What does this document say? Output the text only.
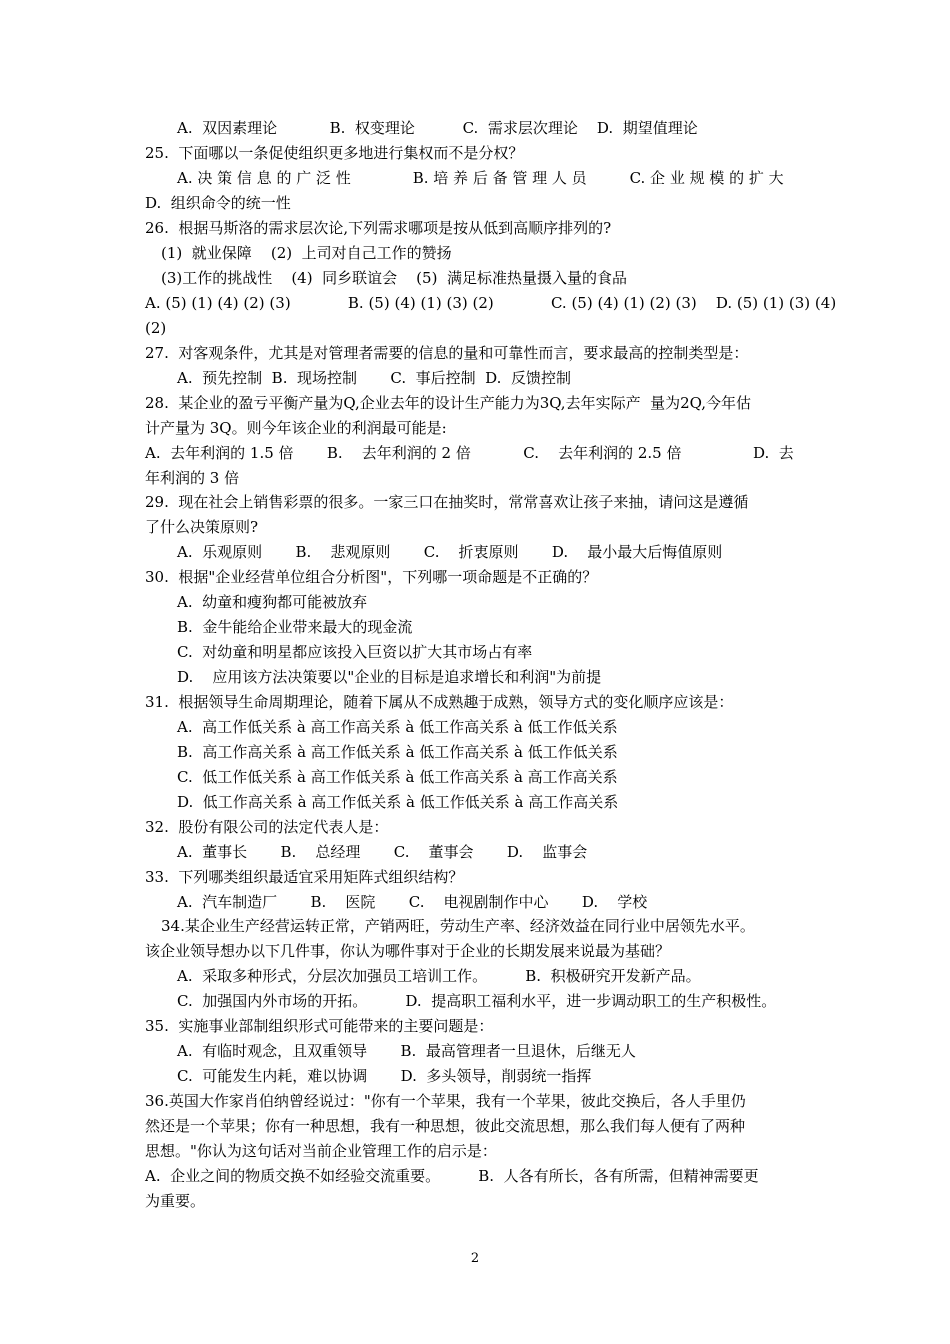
A.  双因素理论           B.  权变理论          C.  需求层次理论    D.  期望值理论
25.  下面哪以一条促使组织更多地进行集权而不是分权？
A. 决 策 信 息 的 广 泛 性             B. 培 养 后 备 管 理 人 员         C. 企 业 规 模 的 扩 大
D.  组织命令的统一性
26.  根据马斯洛的需求层次论,下列需求哪项是按从低到高顺序排列的?
(1)  就业保障    (2)  上司对自己工作的赞扬
(3)工作的挑战性    (4)  同乡联谊会    (5)  满足标准热量摄入量的食品
A. (5) (1) (4) (2) (3)            B. (5) (4) (1) (3) (2)            C. (5) (4) (1) (2) (3)    D. (5) (1) (3) (4)
(2)
27.  对客观条件，尤其是对管理者需要的信息的量和可靠性而言，要求最高的控制类型是：
A.  预先控制  B.  现场控制       C.  事后控制  D.  反馈控制
28.  某企业的盈亏平衡产量为Q,企业去年的设计生产能力为3Q,去年实际产  量为2Q,今年估
计产量为 3Q。则今年该企业的利润最可能是:
A.  去年利润的 1.5 倍       B.    去年利润的 2 倍           C.    去年利润的 2.5 倍               D.  去
年利润的 3 倍
29.  现在社会上销售彩票的很多。一家三口在抽奖时，常常喜欢让孩子来抽，请问这是遵循
了什么决策原则?
A.  乐观原则       B.    悲观原则       C.    折衷原则       D.    最小最大后悔值原则
30.  根据"企业经营单位组合分析图"，下列哪一项命题是不正确的？
A.  幼童和瘦狗都可能被放弃
B.  金牛能给企业带来最大的现金流
C.  对幼童和明星都应该投入巨资以扩大其市场占有率
D.    应用该方法决策要以"企业的目标是追求增长和利润"为前提
31.  根据领导生命周期理论，随着下属从不成熟趣于成熟，领导方式的变化顺序应该是：
A.  高工作低关系 à 高工作高关系 à 低工作高关系 à 低工作低关系
B.  高工作高关系 à 高工作低关系 à 低工作高关系 à 低工作低关系
C.  低工作低关系 à 高工作低关系 à 低工作高关系 à 高工作高关系
D.  低工作高关系 à 高工作低关系 à 低工作低关系 à 高工作高关系
32.  股份有限公司的法定代表人是：
A.  董事长       B.    总经理       C.    董事会       D.    监事会
33.  下列哪类组织最适宜采用矩阵式组织结构？
A.  汽车制造厂       B.    医院       C.    电视剧制作中心       D.    学校
34.某企业生产经营运转正常，产销两旺，劳动生产率、经济效益在同行业中居领先水平。
该企业领导想办以下几件事，你认为哪件事对于企业的长期发展来说最为基础？
A.  采取多种形式，分层次加强员工培训工作。        B.  积极研究开发新产品。
C.  加强国内外市场的开拓。        D.  提高职工福利水平，进一步调动职工的生产积极性。
35.  实施事业部制组织形式可能带来的主要问题是：
A.  有临时观念，且双重领导       B.  最高管理者一旦退休，后继无人
C.  可能发生内耗，难以协调       D.  多头领导，削弱统一指挥
36.英国大作家肖伯纳曾经说过："你有一个苹果，我有一个苹果，彼此交换后，各人手里仍
然还是一个苹果；你有一种思想，我有一种思想，彼此交流思想，那么我们每人便有了两种
思想。"你认为这句话对当前企业管理工作的启示是：
A.  企业之间的物质交换不如经验交流重要。        B.  人各有所长，各有所需，但精神需要更
为重要。
2
